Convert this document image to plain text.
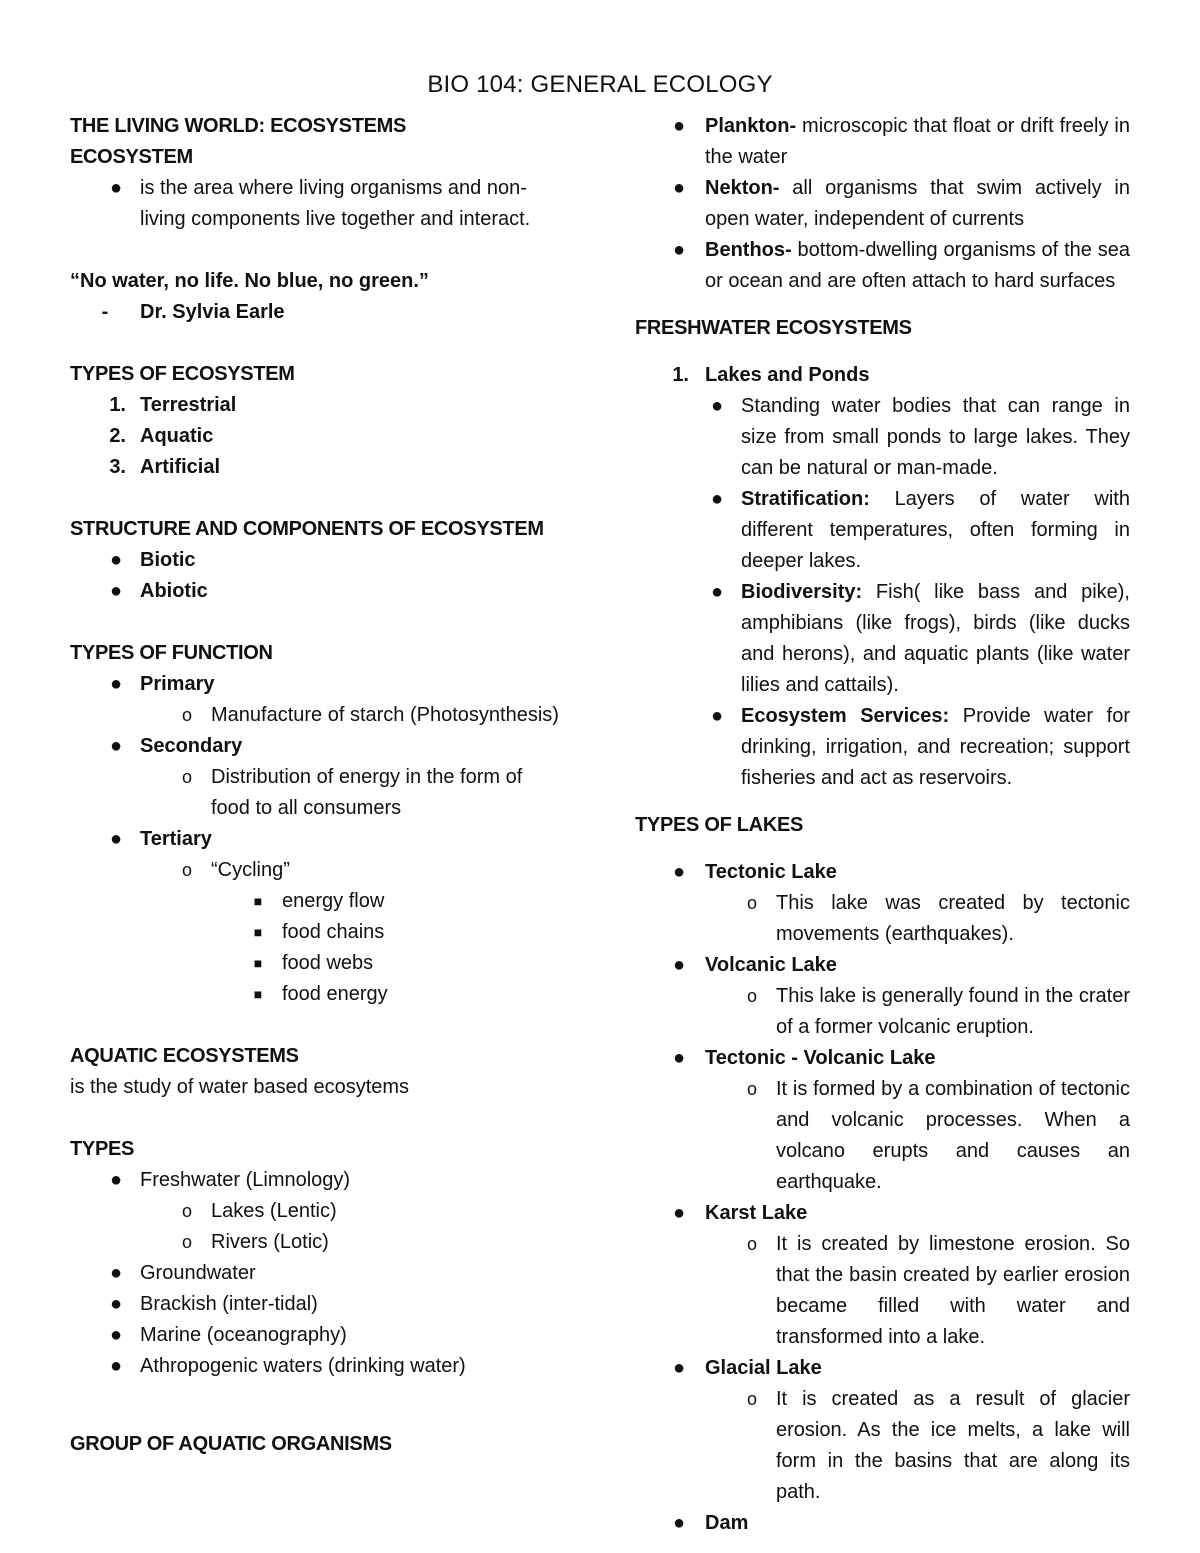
BIO 104: GENERAL ECOLOGY

THE LIVING WORLD: ECOSYSTEMS

ECOSYSTEM

● is the area where living organisms and non-living components live together and interact.

“No water, no life. No blue, no green.”

-	Dr. Sylvia Earle

TYPES OF ECOSYSTEM

1. Terrestrial
2. Aquatic
3. Artificial

STRUCTURE AND COMPONENTS OF ECOSYSTEM

● Biotic
● Abiotic

TYPES OF FUNCTION

● Primary
o Manufacture of starch (Photosynthesis)
● Secondary
o Distribution of energy in the form of food to all consumers
● Tertiary
o “Cycling”
■ energy flow
■ food chains
■ food webs
■ food energy

AQUATIC ECOSYSTEMS

is the study of water based ecosytems

TYPES

● Freshwater (Limnology)
o Lakes (Lentic)
o Rivers (Lotic)
● Groundwater
● Brackish (inter-tidal)
● Marine (oceanography)
● Athropogenic waters (drinking water)

GROUP OF AQUATIC ORGANISMS

● Plankton- microscopic that float or drift freely in the water
● Nekton- all organisms that swim actively in open water, independent of currents
● Benthos- bottom-dwelling organisms of the sea or ocean and are often attach to hard surfaces

FRESHWATER ECOSYSTEMS

1. Lakes and Ponds
● Standing water bodies that can range in size from small ponds to large lakes. They can be natural or man-made.
● Stratification: Layers of water with different temperatures, often forming in deeper lakes.
● Biodiversity: Fish( like bass and pike), amphibians (like frogs), birds (like ducks and herons), and aquatic plants (like water lilies and cattails).
● Ecosystem Services: Provide water for drinking, irrigation, and recreation; support fisheries and act as reservoirs.

TYPES OF LAKES

● Tectonic Lake
o This lake was created by tectonic movements (earthquakes).
● Volcanic Lake
o This lake is generally found in the crater of a former volcanic eruption.
● Tectonic - Volcanic Lake
o It is formed by a combination of tectonic and volcanic processes. When a volcano erupts and causes an earthquake.
● Karst Lake
o It is created by limestone erosion. So that the basin created by earlier erosion became filled with water and transformed into a lake.
● Glacial Lake
o It is created as a result of glacier erosion. As the ice melts, a lake will form in the basins that are along its path.
● Dam
